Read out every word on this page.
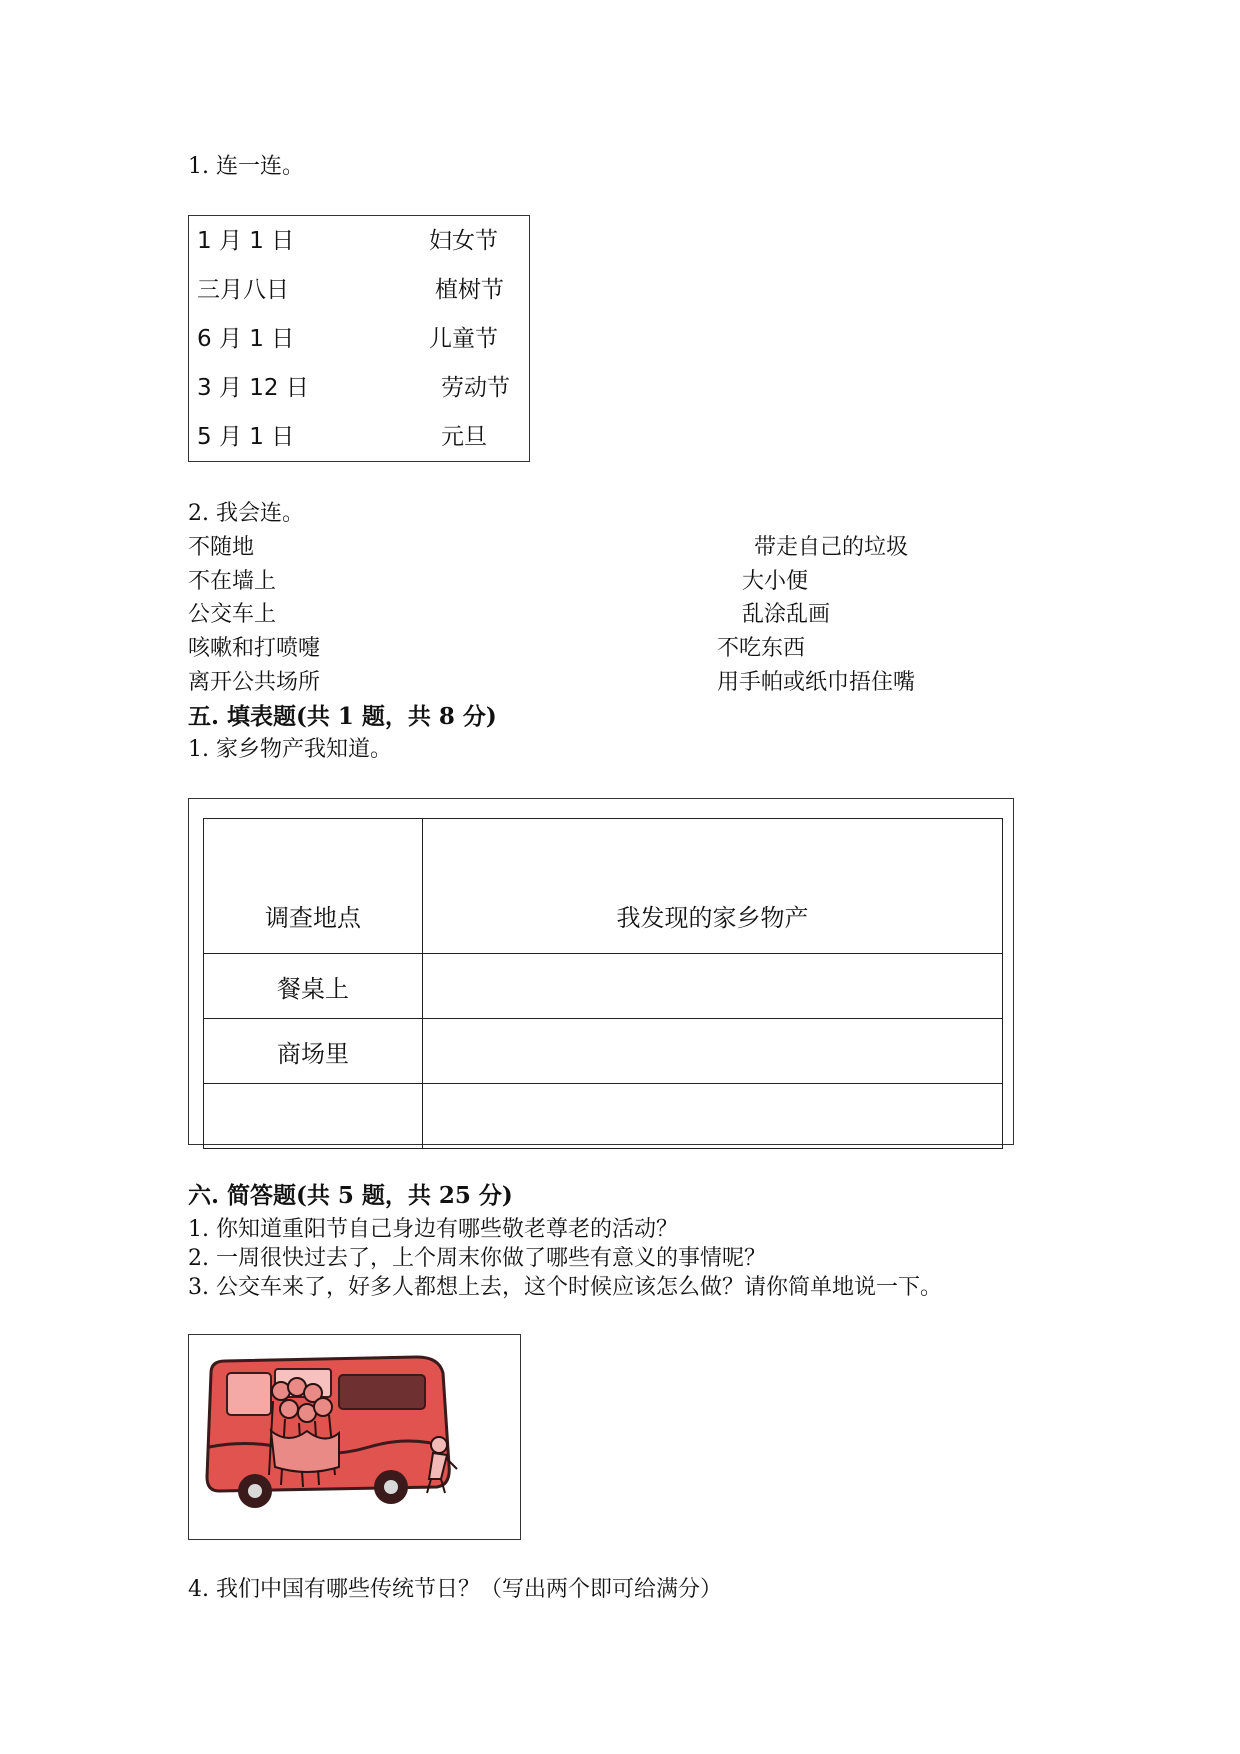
1. 连一连。
1 月 1 日
三月八日
6 月 1 日
3 月 12 日
5 月 1 日
妇女节
植树节
儿童节
劳动节
元旦
2. 我会连。
不随地
不在墙上
公交车上
咳嗽和打喷嚏
离开公共场所
带走自己的垃圾
大小便
乱涂乱画
不吃东西
用手帕或纸巾捂住嘴
五. 填表题(共 1 题，共 8 分)
1. 家乡物产我知道。
调查地点	我发现的家乡物产
餐桌上	
商场里	

六. 简答题(共 5 题，共 25 分)
1. 你知道重阳节自己身边有哪些敬老尊老的活动？
2. 一周很快过去了，上个周末你做了哪些有意义的事情呢？
3. 公交车来了，好多人都想上去，这个时候应该怎么做？请你简单地说一下。
4. 我们中国有哪些传统节日？（写出两个即可给满分）
